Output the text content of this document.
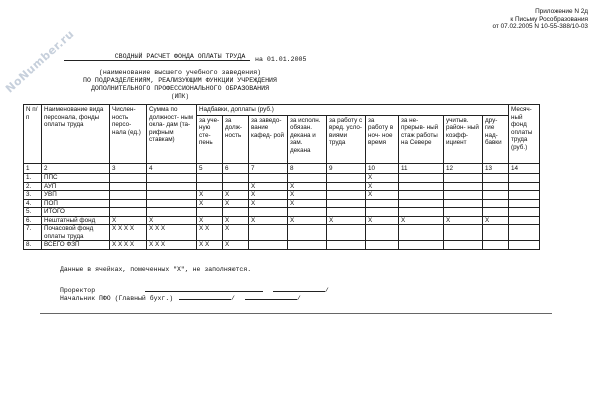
NoNumber.ru
Приложение N 2д
к Письму Рособразования
от 07.02.2005 N 10-55-388/10-03
СВОДНЫЙ РАСЧЕТ ФОНДА ОПЛАТЫ ТРУДА	на 01.01.2005
(наименование высшего учебного заведения)
ПО ПОДРАЗДЕЛЕНИЯМ, РЕАЛИЗУЮЩИМ ФУНКЦИИ УЧРЕЖДЕНИЯ
ДОПОЛНИТЕЛЬНОГО ПРОФЕССИОНАЛЬНОГО ОБРАЗОВАНИЯ
(ИПК)
N п/п	Наименование вида персонала, фонды оплаты труда	Числен- ность персо- нала (ед.)	Сумма по должност- ным окла- дам (та- рифным ставкам)	Надбавки, доплаты (руб.)									Месяч- ный фонд оплаты труда (руб.)
				за уче- ную сте- пень	за долж- ность	за заведо- вание кафед- рой	за исполн. обязан. декана и зам. декана	за работу с вред. усло- виями труда	за работу в ноч- ное время	за не- прерыв- ный стаж работы на Севере	учитыв. район- ный коэфф- ициент	дру- гие над- бавки	
1	2	3	4	5	6	7	8	9	10	11	12	13	14
1.	ППС								X				
2.	АУП					X	X		X				
3.	УВП			X	X	X	X		X				
4.	ПОП			X	X	X	X						
5.	ИТОГО												
6.	Нештатный фонд	X	X	X	X	X	X	X	X	X	X	X	
7.	Почасовой фонд оплаты труда	X X X X	X X X	X X	X								
8.	ВСЁГО ФЗП	X X X X	X X X	X X	X								
Данные в ячейках, помеченных "X", не заполняются.
Проректор	/
Начальник ПФО (Главный бухг.)	/	/
